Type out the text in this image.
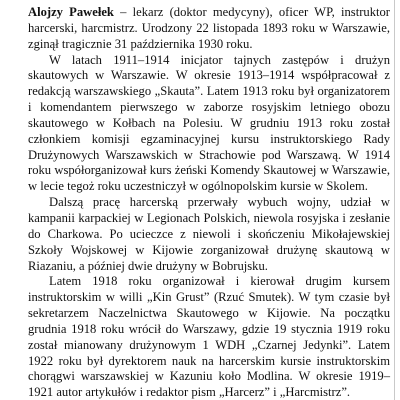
Alojzy Pawełek – lekarz (doktor medycyny), oficer WP, instruktor harcerski, harcmistrz. Urodzony 22 listopada 1893 roku w Warszawie, zginął tragicznie 31 października 1930 roku.

W latach 1911–1914 inicjator tajnych zastępów i drużyn skautowych w Warszawie. W okresie 1913–1914 współpracował z redakcją warszawskiego „Skauta”. Latem 1913 roku był organizatorem i komendantem pierwszego w zaborze rosyjskim letniego obozu skautowego w Kołbach na Polesiu. W grudniu 1913 roku został członkiem komisji egzaminacyjnej kursu instruktorskiego Rady Drużynowych Warszawskich w Strachowie pod Warszawą. W 1914 roku współorganizował kurs żeński Komendy Skautowej w Warszawie, w lecie tegoż roku uczestniczył w ogólnopolskim kursie w Skolem.

Dalszą pracę harcerską przerwały wybuch wojny, udział w kampanii karpackiej w Legionach Polskich, niewola rosyjska i zesłanie do Charkowa. Po ucieczce z niewoli i skończeniu Mikołajewskiej Szkoły Wojskowej w Kijowie zorganizował drużynę skautową w Riazaniu, a później dwie drużyny w Bobrujsku.

Latem 1918 roku organizował i kierował drugim kursem instruktorskim w willi „Kin Grust” (Rzuć Smutek). W tym czasie był sekretarzem Naczelnictwa Skautowego w Kijowie. Na początku grudnia 1918 roku wrócił do Warszawy, gdzie 19 stycznia 1919 roku został mianowany drużynowym 1 WDH „Czarnej Jedynki”. Latem 1922 roku był dyrektorem nauk na harcerskim kursie instruktorskim chorągwi warszawskiej w Kazuniu koło Modlina. W okresie 1919–1921 autor artykułów i redaktor pism „Harcerz” i „Harcmistrz”.
